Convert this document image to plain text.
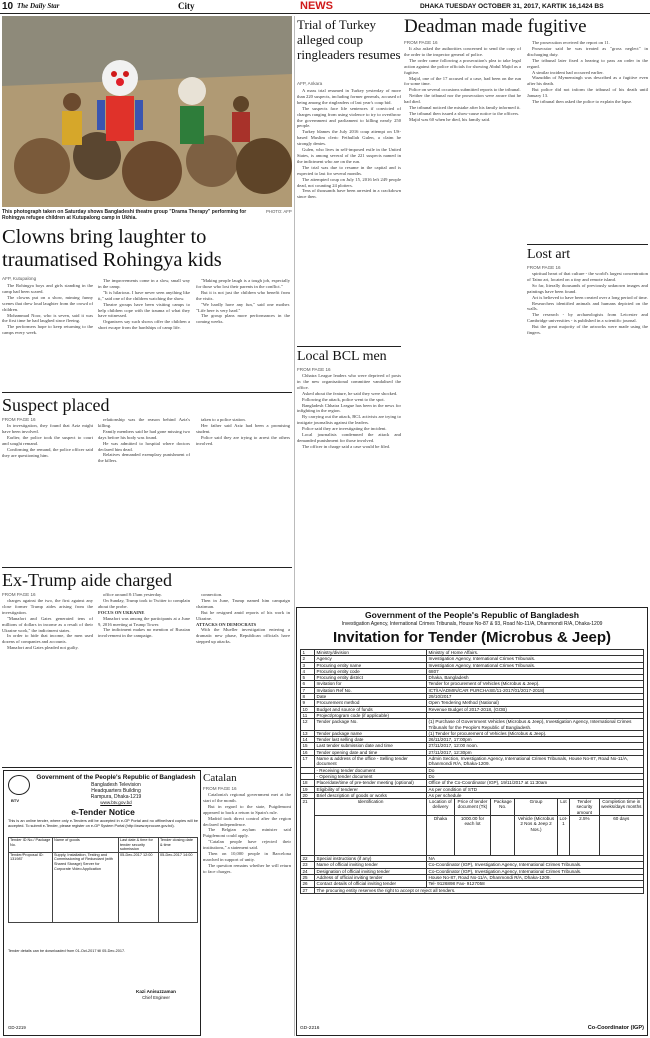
10 The Daily Star	City	NEWS	DHAKA TUESDAY OCTOBER 31, 2017, KARTIK 16,1424 BS
This photograph taken on Saturday shows Bangladeshi theatre group "Drama Therapy" performing for Rohingya refugee children at Kutupalong camp in Ukhia.
PHOTO: AFP
Clowns bring laughter to traumatised Rohingya kids
AFP, Kutupalong

The Rohingya boys and girls standing in the camp had been scared.

The clowns put on a show, miming funny scenes that drew loud laughter from the crowd of children.

Mohammad Noor, who is seven, said it was the first time he had laughed since fleeing.

The performers hope to keep returning to the camps every week.

The improvements come in a slow, small way in the camp.

"It is hilarious. I have never seen anything like it," said one of the children watching the show.

Theatre groups have been visiting camps to help children cope with the trauma of what they have witnessed.

Organisers say such shows offer the children a short escape from the hardships of camp life.

"Making people laugh is a tough job, especially for those who lost their parents in the conflict."

But it is not just the children who benefit from the visits.

"We hardly have any fun," said one mother. "Life here is very hard."

The group plans more performances in the coming weeks.

Suspect placed
FROM PAGE 16

In investigation, they found that Aziz might have been involved.

Earlier, the police took the suspect to court and sought remand.

Confirming the remand, the police officer said they are questioning him.

relationship was the reason behind Aziz's killing.

Family members said he had gone missing two days before his body was found.

He was admitted to hospital where doctors declared him dead.

Relatives demanded exemplary punishment of the killers.

taken to a police station.

Her father said Aziz had been a promising student.

Police said they are trying to arrest the others involved.

Ex-Trump aide charged
FROM PAGE 16

charges against the two, the first against any close former Trump aides arising from the investigation.

"Manafort and Gates generated tens of millions of dollars in income as a result of their Ukraine work," the indictment states.

In order to hide that income, the men used dozens of companies and accounts.

Manafort and Gates pleaded not guilty.

office around 8:15am yesterday.

On Sunday, Trump took to Twitter to complain about the probe.

FOCUS ON UKRAINE

Manafort was among the participants at a June 9, 2016 meeting at Trump Tower.

The indictment makes no mention of Russian involvement in the campaign.

connection.

Then in June, Trump named him campaign chairman.

But he resigned amid reports of his work in Ukraine.

ATTACKS ON DEMOCRATS

With the Mueller investigation entering a dramatic new phase, Republican officials have stepped up attacks.

BTV
Government of the People's Republic of Bangladesh
Bangladesh Television
Headquarters Building
Rampura, Dhaka-1219
www.btv.gov.bd
e-Tender Notice
This is an online tender, where only e-Tenders will be accepted in e-GP Portal and no offline/hard copies will be accepted. To submit e-Tender, please register on e-GP System Portal (http://www.eprocure.gov.bd).
Tender ID No./ Package No.	Name of goods	Last date & time for tender security submission	Tender closing date & time
Tender/Proposal ID: 131987	Supply, Installation, Testing and Commissioning of Redundant (with Shared Storage) Server for Corporate Video Application	05-Dec-2017 12:00	05-Dec-2017 14:00
Tender details can be downloaded from 01-Oct-2017 till 05-Dec-2017.
Kazi Anisuzzaman
Chief Engineer
GD-2219
Catalan
FROM PAGE 16

Catalonia's regional government met at the start of the month.

But in regard to the state, Puigdemont appeared to back a return to Spain's rule.

Madrid took direct control after the region declared independence.

The Belgian asylum minister said Puigdemont could apply.

"Catalan people have rejected their institutions," a statement said.

Then on 10,000 people in Barcelona marched in support of unity.

The question remains whether he will return to face charges.

Trial of Turkey alleged coup ringleaders resumes
AFP, Ankara

A mass trial resumed in Turkey yesterday of more than 220 suspects, including former generals, accused of being among the ringleaders of last year's coup bid.

The suspects face life sentences if convicted of charges ranging from using violence to try to overthrow the government and parliament to killing nearly 250 people.

Turkey blames the July 2016 coup attempt on US-based Muslim cleric Fethullah Gulen, a claim he strongly denies.

Gulen, who lives in self-imposed exile in the United States, is among several of the 221 suspects named in the indictment who are on the run.

The trial was due to resume in the capital and is expected to last for several months.

The attempted coup on July 15, 2016 left 249 people dead, not counting 24 plotters.

Tens of thousands have been arrested in a crackdown since then.

Local BCL men
FROM PAGE 16

Chhatra League leaders who were deprived of posts in the new organisational committee vandalised the office.

Asked about the feature, he said they were shocked.

Following the attack, police went to the spot.

Bangladesh Chhatra League has been in the news for infighting in the region.

By carrying out the attack, BCL activists are trying to instigate journalists against the leaders.

Police said they are investigating the incident.

Local journalists condemned the attack and demanded punishment for those involved.

The officer in charge said a case would be filed.

Deadman made fugitive
FROM PAGE 16

It also asked the authorities concerned to send the copy of the order to the inspector general of police.

The order came following a prosecution's plea to take legal action against the police officials for showing Abdul Majid as a fugitive.

Majid, one of the 17 accused of a case, had been on the run for some time.

Police on several occasions submitted reports to the tribunal.

Neither the tribunal nor the prosecution were aware that he had died.

The tribunal noticed the mistake after his family informed it.

The tribunal then issued a show-cause notice to the officers.

Majid was 60 when he died, his family said.

The prosecution received the report on 11.

Prosecutor said he was treated as "gross neglect" in discharging duty.

The tribunal later fixed a hearing to pass an order in the regard.

A similar incident had occurred earlier.

Wazuddin of Mymensingh was described as a fugitive even after his death.

But police did not inform the tribunal of his death until January 13.

The tribunal then asked the police to explain the lapse.

Lost art
FROM PAGE 16

spiritual heart of that culture - the world's largest concentration of Taino art, located on a tiny and remote island.

So far, literally thousands of previously unknown images and paintings have been found.

Art is believed to have been created over a long period of time.

Researchers identified animals and humans depicted on the walls.

The research - by archaeologists from Leicester and Cambridge universities - is published in a scientific journal.

But the great majority of the artworks were made using the fingers.

Government of the People's Republic of Bangladesh
Investigation Agency, International Crimes Tribunals, House No-87 & 93, Road No-11/A, Dhanmondi R/A, Dhaka-1209
Invitation for Tender (Microbus & Jeep)
1	Ministry/division	Ministry of Home Affairs.						
2	Agency	Investigation Agency, International Crimes Tribunals.						
3	Procuring entity name	Investigation Agency, International Crimes Tribunals.						
4	Procuring entity code	6807						
5	Procuring entity district	Dhaka, Bangladesh						
6	Invitation for	Tender for procurement of Vehicles (Microbus & Jeep).						
7	Invitation Ref No.	ICT/IA/ADMIN/CAR PURCHASE/11-2017/01/2017-2018)						
8	Date	29/10/2017						
9	Procurement method	Open Tendering Method (National)						
10	Budget and source of funds	Revenue Budget of 2017-2018, (GOB)						
11	Project/program code (if applicable)							
12	Tender package No.	(1) Purchase of Government Vehicles (Microbus & Jeep), Investigation Agency, International Crimes Tribunals for the People's Republic of Bangladesh.						
13	Tender package name	(1) Tender for procurement of Vehicles (Microbus & Jeep).						
14	Tender last selling date	26/11/2017, 17:00pm						
15	Last tender submission date and time	27/11/2017, 12:00 noon.						
16	Tender opening date and time	27/11/2017, 12:30pm						
17	Name & address of the office - Selling tender document	Admin Section, Investigation Agency, International Crimes Tribunals, House No-87, Road No-11/A, Dhanmondi R/A, Dhaka-1209.						
	- Receiving tender document	Do						
	- Opening tender document	Do						
18	Place/date/time of pre-tender meeting (optional)	Office of the Co-Coordinator (IGP), 19/11/2017 at 11:30am						
19	Eligibility of tenderer	As per condition of STD						
20	Brief description of goods or works	As per schedule						
21	Identification	Location of delivery	Price of tender document (Tk)	Package No.	Group	Lot	Tender security amount	Completion time in weeks/days months
		Dhaka	1000.00 for each lot		Vehicle (Microbus 2 Nos & Jeep 2 Nos.)	Lot-1	2.5%	60 days
22	Special instructions (if any)	NA						
23	Name of official inviting tender	Co-Coordinator (IGP), Investigation Agency, International Crimes Tribunals.						
24	Designation of official inviting tender	Co-Coordinator (IGP), Investigation Agency, International Crimes Tribunals.						
25	Address of official inviting tender	House No-87, Road No-11/A, Dhanmondi R/A, Dhaka-1209.						
26	Contact details of official inviting tender	Tel- 9126898 Fax- 9127058						
27	The procuring entity reserves the right to accept or reject all tenders.							
GD-2216	Co-Coordinator (IGP)
